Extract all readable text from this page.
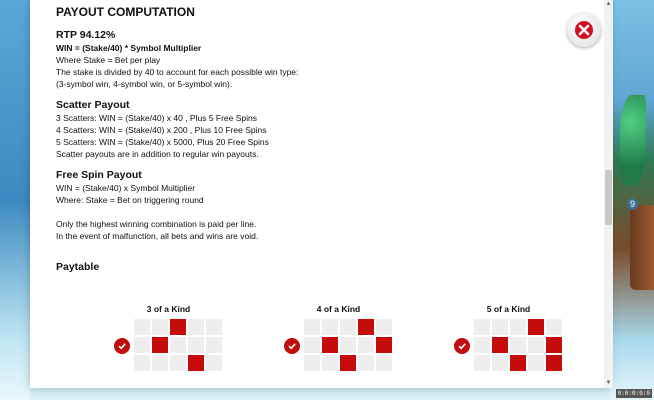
9
0:0:0:0:0
PAYOUT COMPUTATION
RTP 94.12%
WIN = (Stake/40) * Symbol Multiplier
Where Stake = Bet per play
The stake is divided by 40 to account for each possible win type:
(3-symbol win, 4-symbol win, or 5-symbol win).
Scatter Payout
3 Scatters: WIN = (Stake/40) x 40 , Plus 5 Free Spins
4 Scatters: WIN = (Stake/40) x 200 , Plus 10 Free Spins
5 Scatters: WIN = (Stake/40) x 5000, Plus 20 Free Spins
Scatter payouts are in addition to regular win payouts.
Free Spin Payout
WIN = (Stake/40) x Symbol Multiplier
Where: Stake = Bet on triggering round
Only the highest winning combination is paid per line.
In the event of malfunction, all bets and wins are void.
Paytable
3 of a Kind	4 of a Kind	5 of a Kind
▲
▼
